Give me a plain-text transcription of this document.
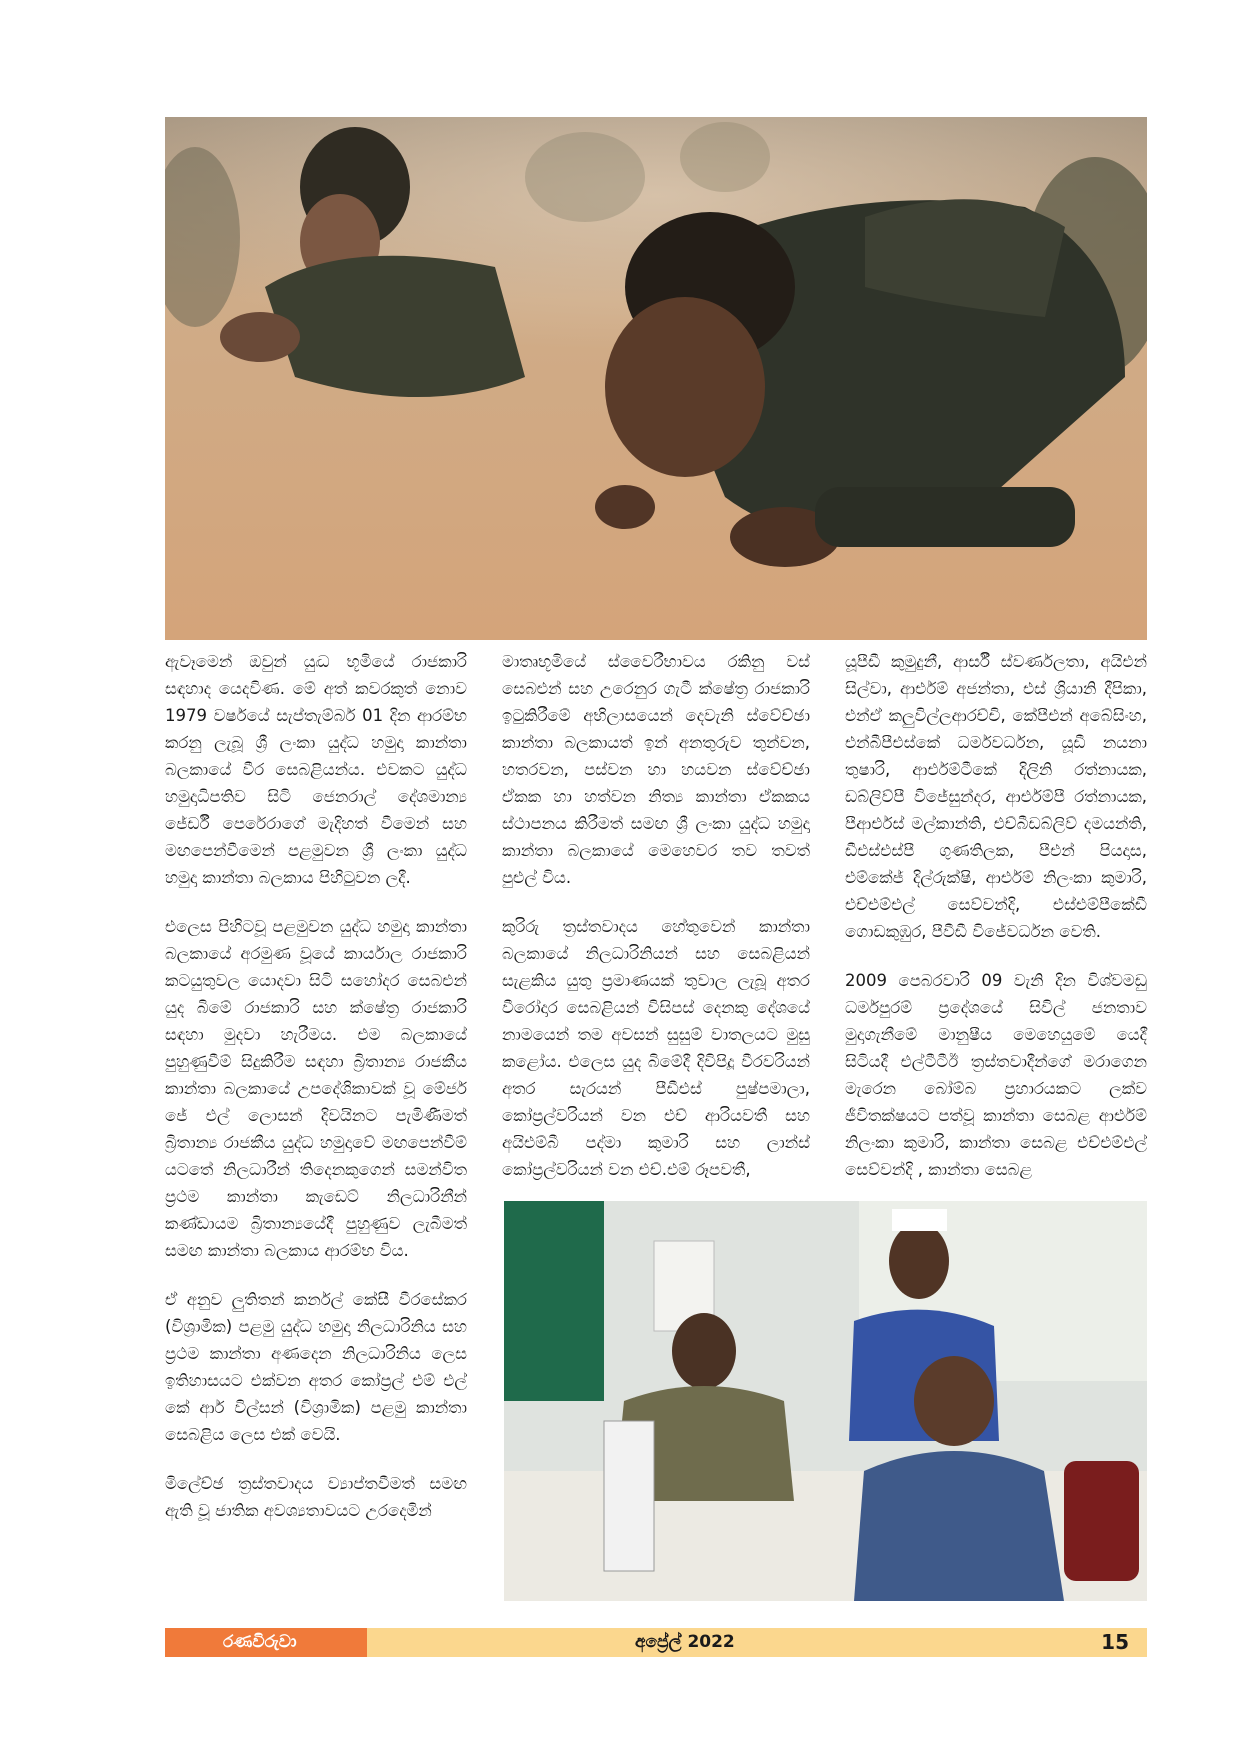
ඇවෑමෙන් ඔවුන් යුද්‍ධ භූමියේ රාජකාරි සඳහාද යෙදවිණ. මේ අත් කවරකුත් නොව 1979 වර්ෂයේ සැප්තැම්බර් 01 දින ආරම්භ කරනු ලැබූ ශ්‍රී ලංකා යුද්ධ හමුදා කාන්තා බලකායේ වීර සෙබළියන්ය. එවකට යුද්ධ හමුදාධිපතිව සිටි ජෙනරාල් දේශමාන්‍ය ජේ‍ර්ඩී පෙරේරාගේ මැදිහත් වීමෙන් සහ මඟපෙන්වීමෙන් පළමුවන ශ්‍රී ලංකා යුද්ධ හමුදා කාන්තා බලකාය පිහිටුවන ලදී.

එලෙස පිහිටවූ පළමුවන යුද්ධ හමුදා කාන්තා බලකායේ අරමුණ වූයේ කාර්යාල රාජකාරි කටයුතුවල යොදවා සිටි සහෝදර සෙබළුන් යුද බිමේ රාජකාරි සහ ක්ෂේත්‍ර රාජකාරි සඳහා මුදවා හැරීමය. එම බලකායේ පුහුණුවීම් සිදුකිරීම සඳහා බ්‍රිතාන්‍ය රාජකීය කාන්තා බලකායේ උපදේශිකාවක් වූ මේජර් ජේ එල් ලොසන් දිවයිනට පැමිණීමත් බ්‍රිතාන්‍ය රාජකීය යුද්ධ හමුදාවේ මඟපෙන්වීම් යටතේ නිලධාරීන් තිදෙනකුගෙන් සමන්විත ප්‍රථම කාන්තා කැඩෙට් නිලධාරිනීන් කණ්ඩායම බ්‍රිතාන්‍යයේදී පුහුණුව ලැබීමත් සමඟ කාන්තා බලකාය ආරම්භ විය.

ඒ අනුව ලුතිතන් කර්නල් කේසී වීරසේකර (විශ්‍රාමික) පළමු යුද්ධ හමුදා නිලධාරිනිය සහ ප්‍රථම කාන්තා අණදෙන නිලධාරිනිය ලෙස ඉතිහාසයට එක්වන අතර කෝප්‍රල් එම් එල් කේ ආර් විල්සන් (විශ්‍රාමික) පළමු කාන්තා සෙබළිය ලෙස එක් වෙයි.

මිලේච්ඡ ත්‍රස්තවාදය ව්‍යාප්තවීමත් සමඟ ඇති වූ ජාතික අවශ්‍යතාවයට උරදෙමින්

මාතෘභූමියේ ස්වෛරීභාවය රකිනු වස් සෙබළුන් සහ උරෙනුර ගැටී ක්ෂේත්‍ර රාජකාරි ඉටුකිරීමේ අභිලාසයෙන් දෙවැනි ස්වේච්ඡා කාන්තා බලකායත් ඉන් අනතුරුව තුන්වන, හතරවන, පස්වන හා හයවන ස්වේච්ඡා ඒකක හා හත්වන නිත්‍ය කාන්තා ඒකකය ස්ථාපනය කිරීමත් සමඟ ශ්‍රී ලංකා යුද්ධ හමුදා කාන්තා බලකායේ මෙහෙවර තව තවත් පුළුල් විය.

කුරිරු ත්‍රස්තවාදය හේතුවෙන් කාන්තා බලකායේ නිලධාරිනියන් සහ සෙබළියන් සැළකිය යුතු ප්‍රමාණයක් තුවාල ලැබූ අතර වීරෝදාර සෙබළියන් විසිපස් දෙනකු දේශයේ නාමයෙන් තම අවසන් සුසුම් වාතලයට මුසු කළෝය. එලෙස යුද බිමේදී දිවිපිදූ වීරවරියන් අතර සැරයන් පීඩීඑස් පුෂ්පමාලා, කෝප්‍රල්වරියන් වන එච් ආරියවතී සහ අයිඑම්බී පද්මා කුමාරි සහ ලාන්ස් කෝප්‍රල්වරියන් වන එච්.එම් රූපවතී,

යූපීඩී කුමුදුනී, ආර්සී ස්වර්ණලතා, අයිඑන් සිල්වා, ආර්එම් අජන්තා, එස් ශ්‍රියානි දීපිකා, එන්ඒ කලුවිල්ලආරච්චි, කේපීඑන් අබේසිංහ, එන්බීපීඑස්කේ ධර්මවර්ධන, යූඩී නයනා තුෂාරි, ආර්එම්ටීකේ දිලිනි රත්නායක, ඩබ්ලිව්පී විජේසුන්දර, ආර්එම්පී රත්නායක, පීආර්එස් මල්කාන්ති, එච්බීඩබ්ලිව් දමයන්ති, ඩීඑස්එස්පී ගුණතිලක, පීඑන් පියදාස, එම්කේජ් දිල්රුක්ෂි, ආර්එම් නිලංකා කුමාරි, එච්එම්එල් සෙව්වන්දි, එස්එම්පීකේඩී ගොඩකුඹුර, පීවීඩී විජේවර්ධන වෙති.

2009 පෙබරවාරි 09 වැනි දින විශ්වමඩු ධර්මපුරම් ප්‍රදේශයේ සිවිල් ජනතාව මුදාගැනීමේ මානුෂීය මෙහෙයුමේ යෙදී සිටියදී එල්ටීටීඊ ත්‍රස්තවාදීන්ගේ මරාගෙන මැරෙන බෝම්බ ප්‍රහාරයකට ලක්ව ජීවිතක්ෂයට පත්වූ කාන්තා සෙබළ ආර්එම් නිලංකා කුමාරි, කාන්තා සෙබළ එච්එම්එල් සෙව්වන්දි , කාන්තා සෙබළ

රණවිරුවා	අප්‍රේල් 2022	15
